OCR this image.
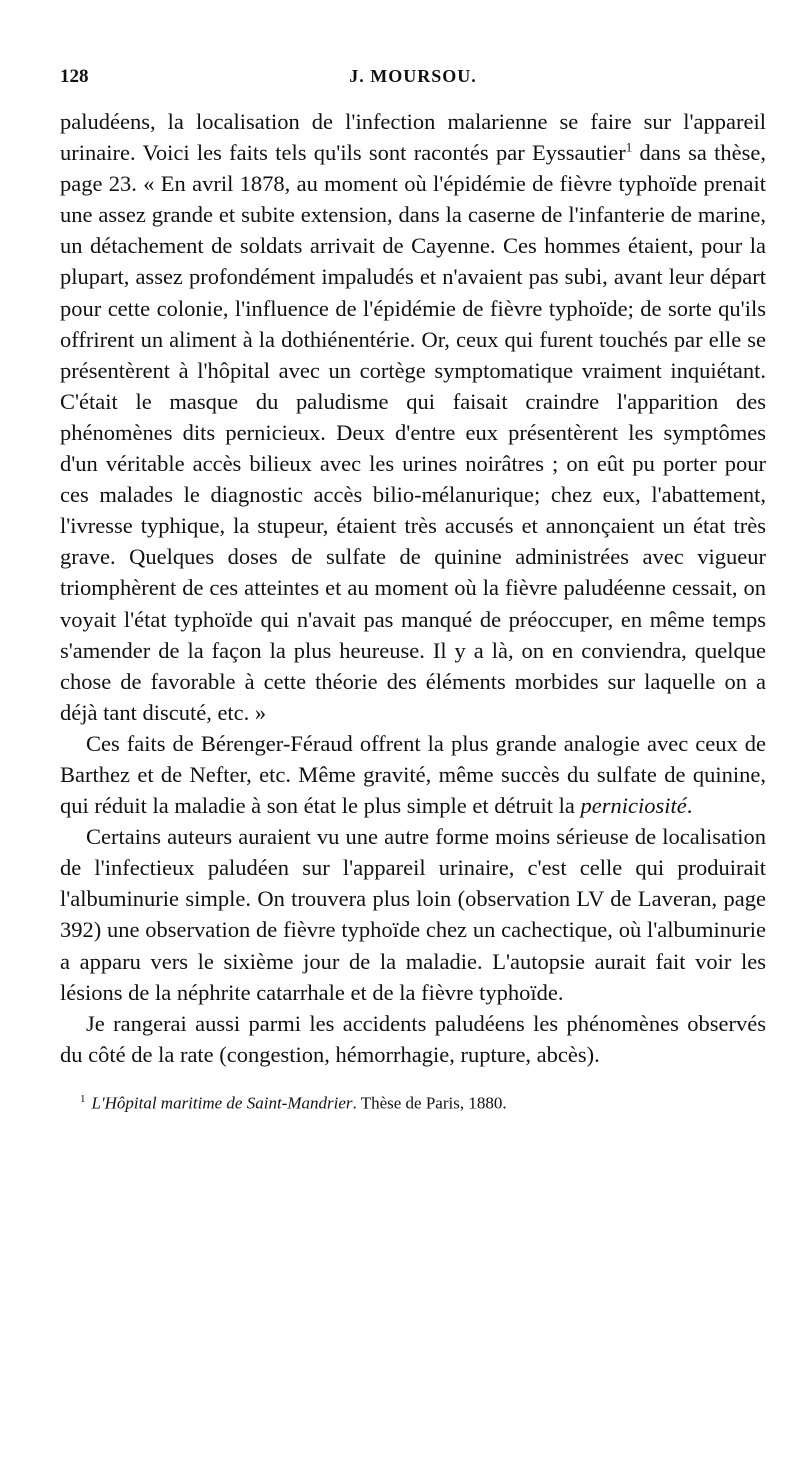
128	J. MOURSOU.

paludéens, la localisation de l'infection malarienne se faire sur l'appareil urinaire. Voici les faits tels qu'ils sont racontés par Eyssautier$^1$ dans sa thèse, page 23. « En avril 1878, au moment où l'épidémie de fièvre typhoïde prenait une assez grande et subite extension, dans la caserne de l'infanterie de marine, un détachement de soldats arrivait de Cayenne. Ces hommes étaient, pour la plupart, assez profondément impaludés et n'avaient pas subi, avant leur départ pour cette colonie, l'influence de l'épidémie de fièvre typhoïde; de sorte qu'ils offrirent un aliment à la dothiénentérie. Or, ceux qui furent touchés par elle se présentèrent à l'hôpital avec un cortège symptomatique vraiment inquiétant. C'était le masque du paludisme qui faisait craindre l'apparition des phénomènes dits pernicieux. Deux d'entre eux présentèrent les symptômes d'un véritable accès bilieux avec les urines noirâtres ; on eût pu porter pour ces malades le diagnostic accès bilio-mélanurique; chez eux, l'abattement, l'ivresse typhique, la stupeur, étaient très accusés et annonçaient un état très grave. Quelques doses de sulfate de quinine administrées avec vigueur triomphèrent de ces atteintes et au moment où la fièvre paludéenne cessait, on voyait l'état typhoïde qui n'avait pas manqué de préoccuper, en même temps s'amender de la façon la plus heureuse. Il y a là, on en conviendra, quelque chose de favorable à cette théorie des éléments morbides sur laquelle on a déjà tant discuté, etc. »

Ces faits de Bérenger-Féraud offrent la plus grande analogie avec ceux de Barthez et de Nefter, etc. Même gravité, même succès du sulfate de quinine, qui réduit la maladie à son état le plus simple et détruit la perniciosité.

Certains auteurs auraient vu une autre forme moins sérieuse de localisation de l'infectieux paludéen sur l'appareil urinaire, c'est celle qui produirait l'albuminurie simple. On trouvera plus loin (observation LV de Laveran, page 392) une observation de fièvre typhoïde chez un cachectique, où l'albuminurie a apparu vers le sixième jour de la maladie. L'autopsie aurait fait voir les lésions de la néphrite catarrhale et de la fièvre typhoïde.

Je rangerai aussi parmi les accidents paludéens les phénomènes observés du côté de la rate (congestion, hémorrhagie, rupture, abcès).

$^1$ L'Hôpital maritime de Saint-Mandrier. Thèse de Paris, 1880.
